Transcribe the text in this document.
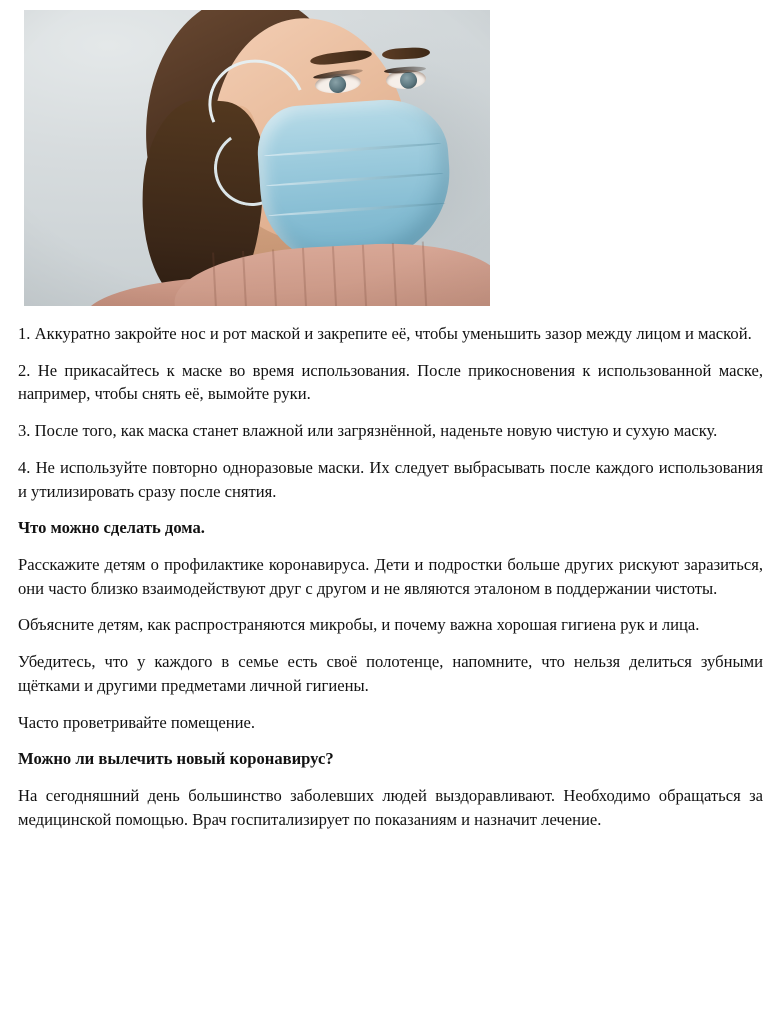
1. Аккуратно закройте нос и рот маской и закрепите её, чтобы уменьшить зазор между лицом и маской.

2. Не прикасайтесь к маске во время использования. После прикосновения к использованной маске, например, чтобы снять её, вымойте руки.

3. После того, как маска станет влажной или загрязнённой, наденьте новую чистую и сухую маску.

4. Не используйте повторно одноразовые маски. Их следует выбрасывать после каждого использования и утилизировать сразу после снятия.

Что можно сделать дома.

Расскажите детям о профилактике коронавируса. Дети и подростки больше других рискуют заразиться, они часто близко взаимодействуют друг с другом и не являются эталоном в поддержании чистоты.

Объясните детям, как распространяются микробы, и почему важна хорошая гигиена рук и лица.

Убедитесь, что у каждого в семье есть своё полотенце, напомните, что нельзя делиться зубными щётками и другими предметами личной гигиены.

Часто проветривайте помещение.

Можно ли вылечить новый коронавирус?

На сегодняшний день большинство заболевших людей выздоравливают. Необходимо обращаться за медицинской помощью. Врач госпитализирует по показаниям и назначит лечение.
